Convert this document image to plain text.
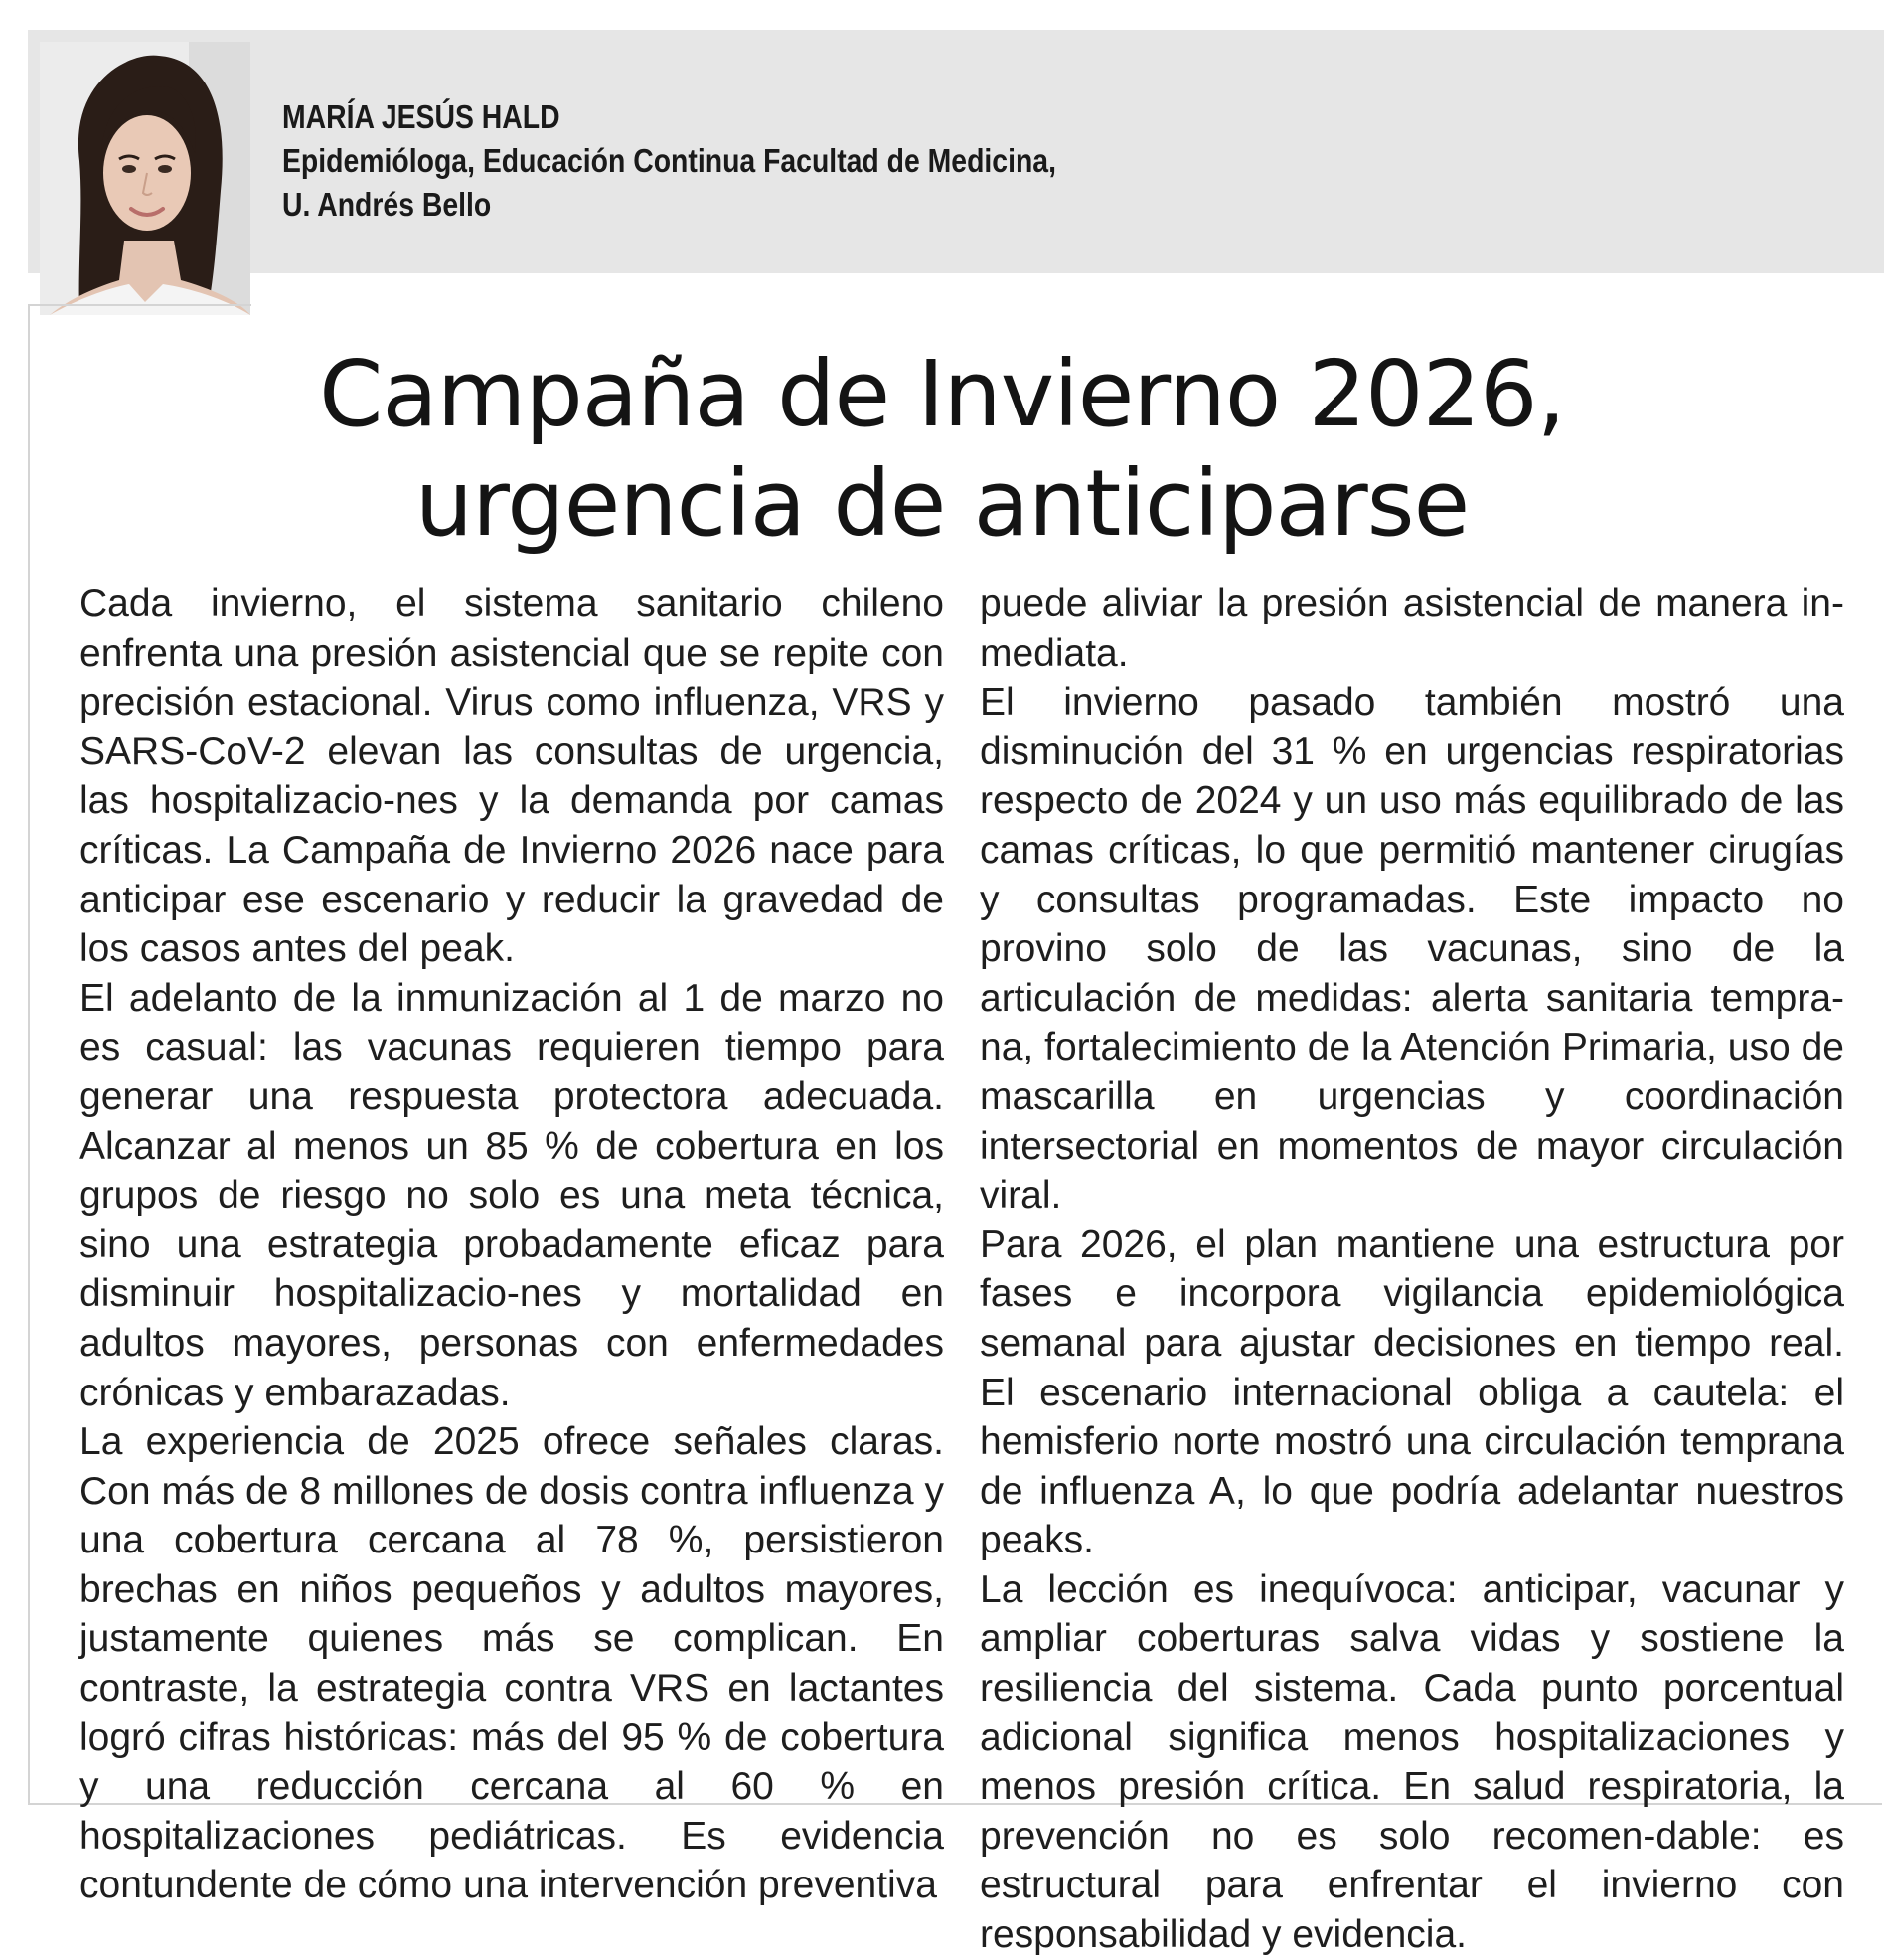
MARÍA JESÚS HALD
Epidemióloga, Educación Continua Facultad de Medicina,
U. Andrés Bello
Campaña de Invierno 2026,
urgencia de anticiparse

Cada invierno, el sistema sanitario chileno enfrenta una presión asistencial que se repite con precisión estacional. Virus como influenza, VRS y SARS-CoV-2 elevan las consultas de urgencia, las hospitalizacio-nes y la demanda por camas críticas. La Campaña de Invierno 2026 nace para anticipar ese escenario y reducir la gravedad de los casos antes del peak.

El adelanto de la inmunización al 1 de marzo no es casual: las vacunas requieren tiempo para generar una respuesta protectora adecuada. Alcanzar al menos un 85 % de cobertura en los grupos de riesgo no solo es una meta técnica, sino una estrategia probadamente eficaz para disminuir hospitalizacio-nes y mortalidad en adultos mayores, personas con enfermedades crónicas y embarazadas.

La experiencia de 2025 ofrece señales claras. Con más de 8 millones de dosis contra influenza y una cobertura cercana al 78 %, persistieron brechas en niños pequeños y adultos mayores, justamente quienes más se complican. En contraste, la estrategia contra VRS en lactantes logró cifras históricas: más del 95 % de cobertura y una reducción cercana al 60 % en hospitalizaciones pediátricas. Es evidencia contundente de cómo una intervención preventiva

puede aliviar la presión asistencial de manera in-mediata.

El invierno pasado también mostró una disminución del 31 % en urgencias respiratorias respecto de 2024 y un uso más equilibrado de las camas críticas, lo que permitió mantener cirugías y consultas programadas. Este impacto no provino solo de las vacunas, sino de la articulación de medidas: alerta sanitaria tempra-na, fortalecimiento de la Atención Primaria, uso de mascarilla en urgencias y coordinación intersectorial en momentos de mayor circulación viral.

Para 2026, el plan mantiene una estructura por fases e incorpora vigilancia epidemiológica semanal para ajustar decisiones en tiempo real. El escenario internacional obliga a cautela: el hemisferio norte mostró una circulación temprana de influenza A, lo que podría adelantar nuestros peaks.

La lección es inequívoca: anticipar, vacunar y ampliar coberturas salva vidas y sostiene la resiliencia del sistema. Cada punto porcentual adicional significa menos hospitalizaciones y menos presión crítica. En salud respiratoria, la prevención no es solo recomen-dable: es estructural para enfrentar el invierno con responsabilidad y evidencia.
